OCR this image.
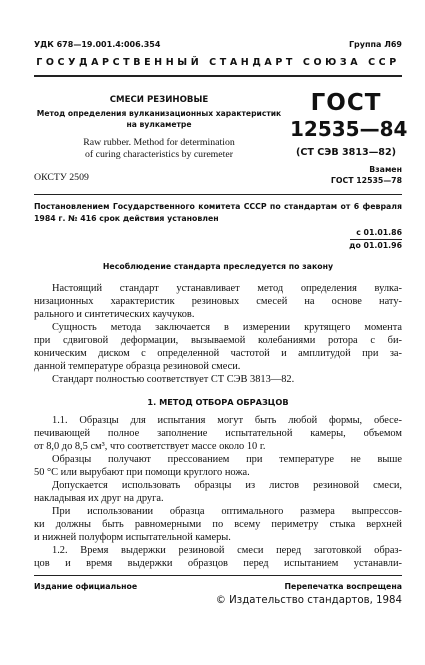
УДК 678—19.001.4:006.354	Группа Л69
ГОСУДАРСТВЕННЫЙ СТАНДАРТ СОЮЗА ССР
СМЕСИ РЕЗИНОВЫЕ
Метод определения вулканизационных характеристик
на вулкаметре
Raw rubber. Method for determination
of curing characteristics by curemeter
ОКСТУ 2509
ГОСТ
12535—84
(СТ СЭВ 3813—82)
Взамен
ГОСТ 12535—78
Постановлением Государственного комитета СССР по стандартам от 6 февраля
1984 г. № 416 срок действия установлен
с 01.01.86
до 01.01.96
Несоблюдение стандарта преследуется по закону
Настоящий стандарт устанавливает метод определения вулка-
низационных характеристик резиновых смесей на основе нату-
рального и синтетических каучуков.
Сущность метода заключается в измерении крутящего момента
при сдвиговой деформации, вызываемой колебаниями ротора с би-
коническим диском с определенной частотой и амплитудой при за-
данной температуре образца резиновой смеси.
Стандарт полностью соответствует СТ СЭВ 3813—82.
1. МЕТОД ОТБОРА ОБРАЗЦОВ
1.1. Образцы для испытания могут быть любой формы, обесе-
печивающей полное заполнение испытательной камеры, объемом
от 8,0 до 8,5 см³, что соответствует массе около 10 г.
Образцы получают прессованием при температуре не выше
50 °С или вырубают при помощи круглого ножа.
Допускается использовать образцы из листов резиновой смеси,
накладывая их друг на друга.
При использовании образца оптимального размера выпрессов-
ки должны быть равномерными по всему периметру стыка верхней
и нижней полуформ испытательной камеры.
1.2. Время выдержки резиновой смеси перед заготовкой образ-
цов и время выдержки образцов перед испытанием устанавли-
Издание официальное	Перепечатка воспрещена
© Издательство стандартов, 1984
